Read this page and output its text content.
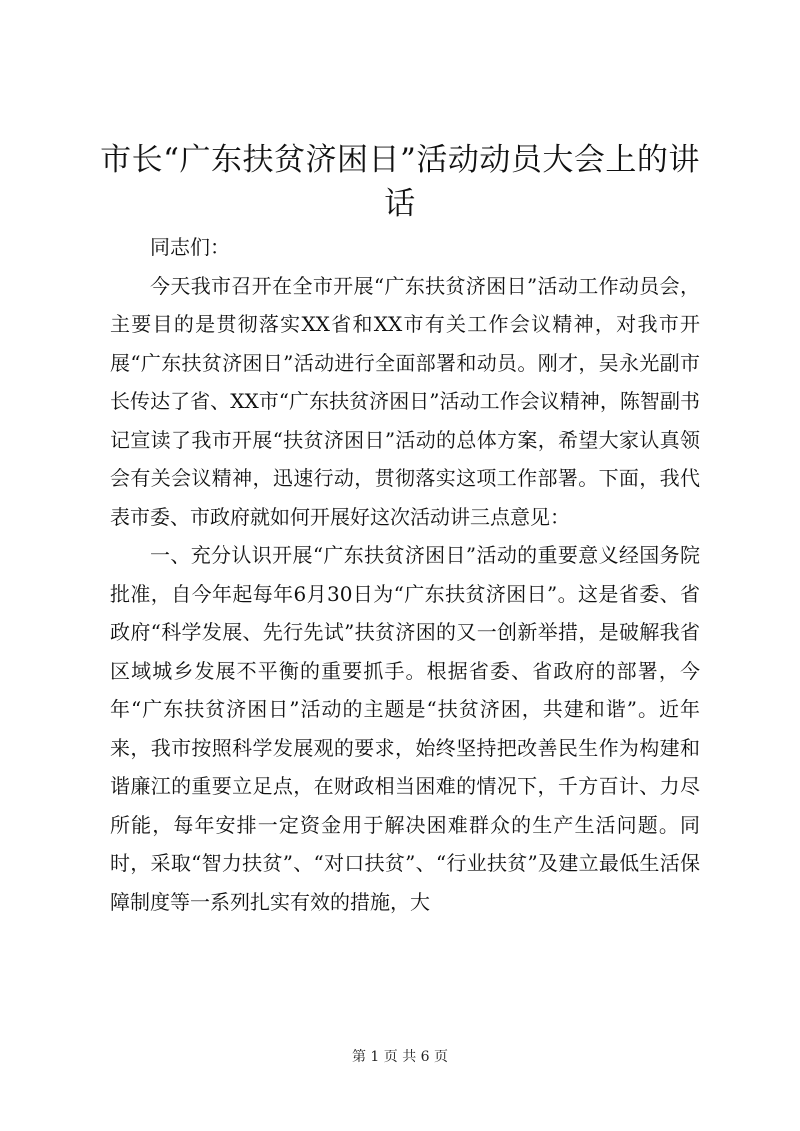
市长“广东扶贫济困日”活动动员大会上的讲话

同志们：

今天我市召开在全市开展“广东扶贫济困日”活动工作动员会，主要目的是贯彻落实XX省和XX市有关工作会议精神，对我市开展“广东扶贫济困日”活动进行全面部署和动员。刚才，吴永光副市长传达了省、XX市“广东扶贫济困日”活动工作会议精神，陈智副书记宣读了我市开展“扶贫济困日”活动的总体方案，希望大家认真领会有关会议精神，迅速行动，贯彻落实这项工作部署。下面，我代表市委、市政府就如何开展好这次活动讲三点意见：

一、充分认识开展“广东扶贫济困日”活动的重要意义经国务院批准，自今年起每年6月30日为“广东扶贫济困日”。这是省委、省政府“科学发展、先行先试”扶贫济困的又一创新举措，是破解我省区域城乡发展不平衡的重要抓手。根据省委、省政府的部署，今年“广东扶贫济困日”活动的主题是“扶贫济困，共建和谐”。近年来，我市按照科学发展观的要求，始终坚持把改善民生作为构建和谐廉江的重要立足点，在财政相当困难的情况下，千方百计、力尽所能，每年安排一定资金用于解决困难群众的生产生活问题。同时，采取“智力扶贫”、“对口扶贫”、“行业扶贫”及建立最低生活保障制度等一系列扎实有效的措施，大

第 1 页 共 6 页
